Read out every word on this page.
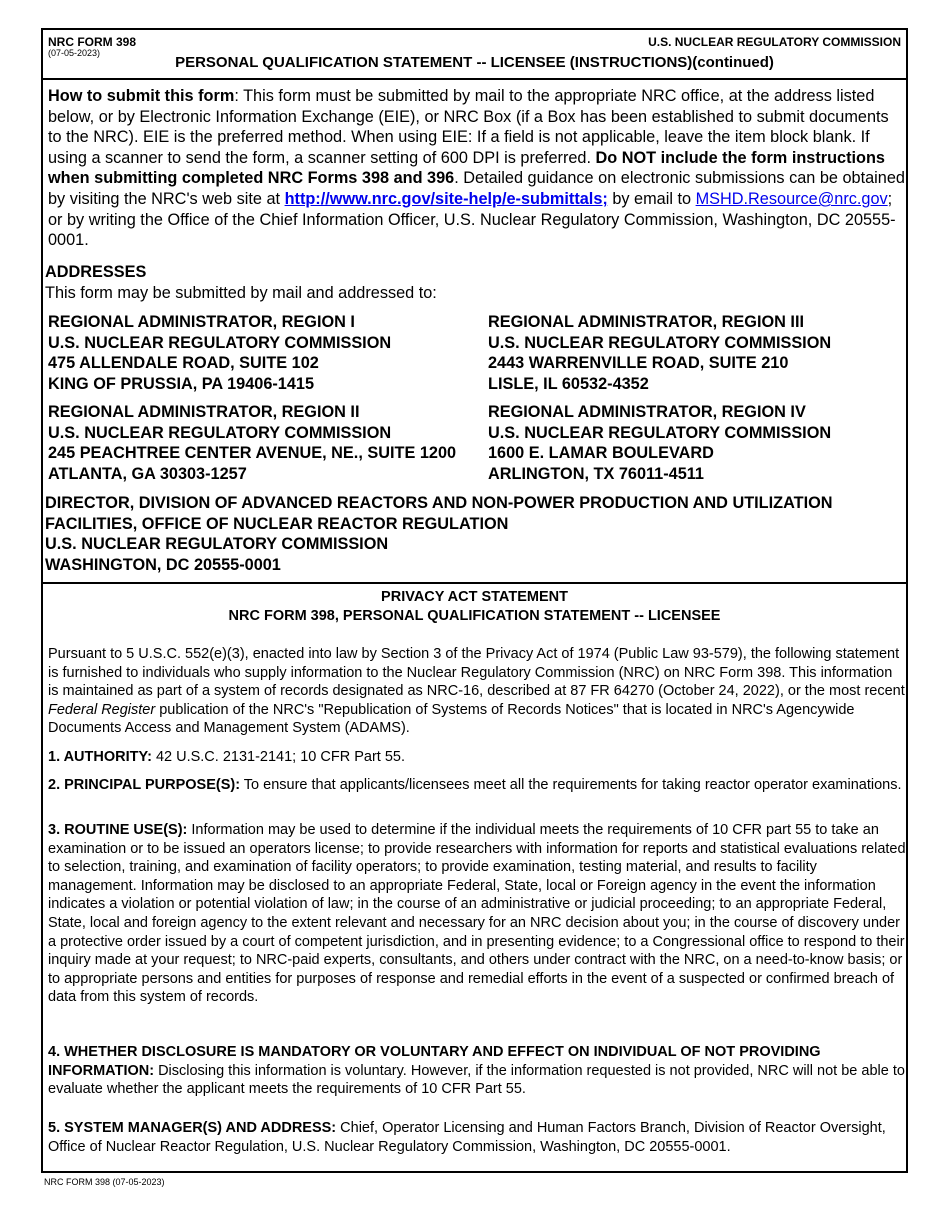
NRC FORM 398
(07-05-2023)
U.S. NUCLEAR REGULATORY COMMISSION
PERSONAL QUALIFICATION STATEMENT -- LICENSEE (INSTRUCTIONS)(continued)
How to submit this form: This form must be submitted by mail to the appropriate NRC office, at the address listed below, or by Electronic Information Exchange (EIE), or NRC Box (if a Box has been established to submit documents to the NRC). EIE is the preferred method. When using EIE: If a field is not applicable, leave the item block blank. If using a scanner to send the form, a scanner setting of 600 DPI is preferred. Do NOT include the form instructions when submitting completed NRC Forms 398 and 396. Detailed guidance on electronic submissions can be obtained by visiting the NRC's web site at http://www.nrc.gov/site-help/e-submittals; by email to MSHD.Resource@nrc.gov; or by writing the Office of the Chief Information Officer, U.S. Nuclear Regulatory Commission, Washington, DC 20555-0001.
ADDRESSES
This form may be submitted by mail and addressed to:
REGIONAL ADMINISTRATOR, REGION I
U.S. NUCLEAR REGULATORY COMMISSION
475 ALLENDALE ROAD, SUITE 102
KING OF PRUSSIA, PA 19406-1415
REGIONAL ADMINISTRATOR, REGION III
U.S. NUCLEAR REGULATORY COMMISSION
2443 WARRENVILLE ROAD, SUITE 210
LISLE, IL 60532-4352
REGIONAL ADMINISTRATOR, REGION II
U.S. NUCLEAR REGULATORY COMMISSION
245 PEACHTREE CENTER AVENUE, NE., SUITE 1200
ATLANTA, GA 30303-1257
REGIONAL ADMINISTRATOR, REGION IV
U.S. NUCLEAR REGULATORY COMMISSION
1600 E. LAMAR BOULEVARD
ARLINGTON, TX 76011-4511
DIRECTOR, DIVISION OF ADVANCED REACTORS AND NON-POWER PRODUCTION AND UTILIZATION
FACILITIES, OFFICE OF NUCLEAR REACTOR REGULATION
U.S. NUCLEAR REGULATORY COMMISSION
WASHINGTON, DC 20555-0001
PRIVACY ACT STATEMENT
NRC FORM 398, PERSONAL QUALIFICATION STATEMENT -- LICENSEE
Pursuant to 5 U.S.C. 552(e)(3), enacted into law by Section 3 of the Privacy Act of 1974 (Public Law 93-579), the following statement is furnished to individuals who supply information to the Nuclear Regulatory Commission (NRC) on NRC Form 398. This information is maintained as part of a system of records designated as NRC-16, described at 87 FR 64270 (October 24, 2022), or the most recent Federal Register publication of the NRC's "Republication of Systems of Records Notices" that is located in NRC's Agencywide Documents Access and Management System (ADAMS).
1. AUTHORITY: 42 U.S.C. 2131-2141; 10 CFR Part 55.
2. PRINCIPAL PURPOSE(S): To ensure that applicants/licensees meet all the requirements for taking reactor operator examinations.
3. ROUTINE USE(S): Information may be used to determine if the individual meets the requirements of 10 CFR part 55 to take an examination or to be issued an operators license; to provide researchers with information for reports and statistical evaluations related to selection, training, and examination of facility operators; to provide examination, testing material, and results to facility management. Information may be disclosed to an appropriate Federal, State, local or Foreign agency in the event the information indicates a violation or potential violation of law; in the course of an administrative or judicial proceeding; to an appropriate Federal, State, local and foreign agency to the extent relevant and necessary for an NRC decision about you; in the course of discovery under a protective order issued by a court of competent jurisdiction, and in presenting evidence; to a Congressional office to respond to their inquiry made at your request; to NRC-paid experts, consultants, and others under contract with the NRC, on a need-to-know basis; or to appropriate persons and entities for purposes of response and remedial efforts in the event of a suspected or confirmed breach of data from this system of records.
4. WHETHER DISCLOSURE IS MANDATORY OR VOLUNTARY AND EFFECT ON INDIVIDUAL OF NOT PROVIDING INFORMATION: Disclosing this information is voluntary. However, if the information requested is not provided, NRC will not be able to evaluate whether the applicant meets the requirements of 10 CFR Part 55.
5. SYSTEM MANAGER(S) AND ADDRESS: Chief, Operator Licensing and Human Factors Branch, Division of Reactor Oversight, Office of Nuclear Reactor Regulation, U.S. Nuclear Regulatory Commission, Washington, DC 20555-0001.
NRC FORM 398 (07-05-2023)
